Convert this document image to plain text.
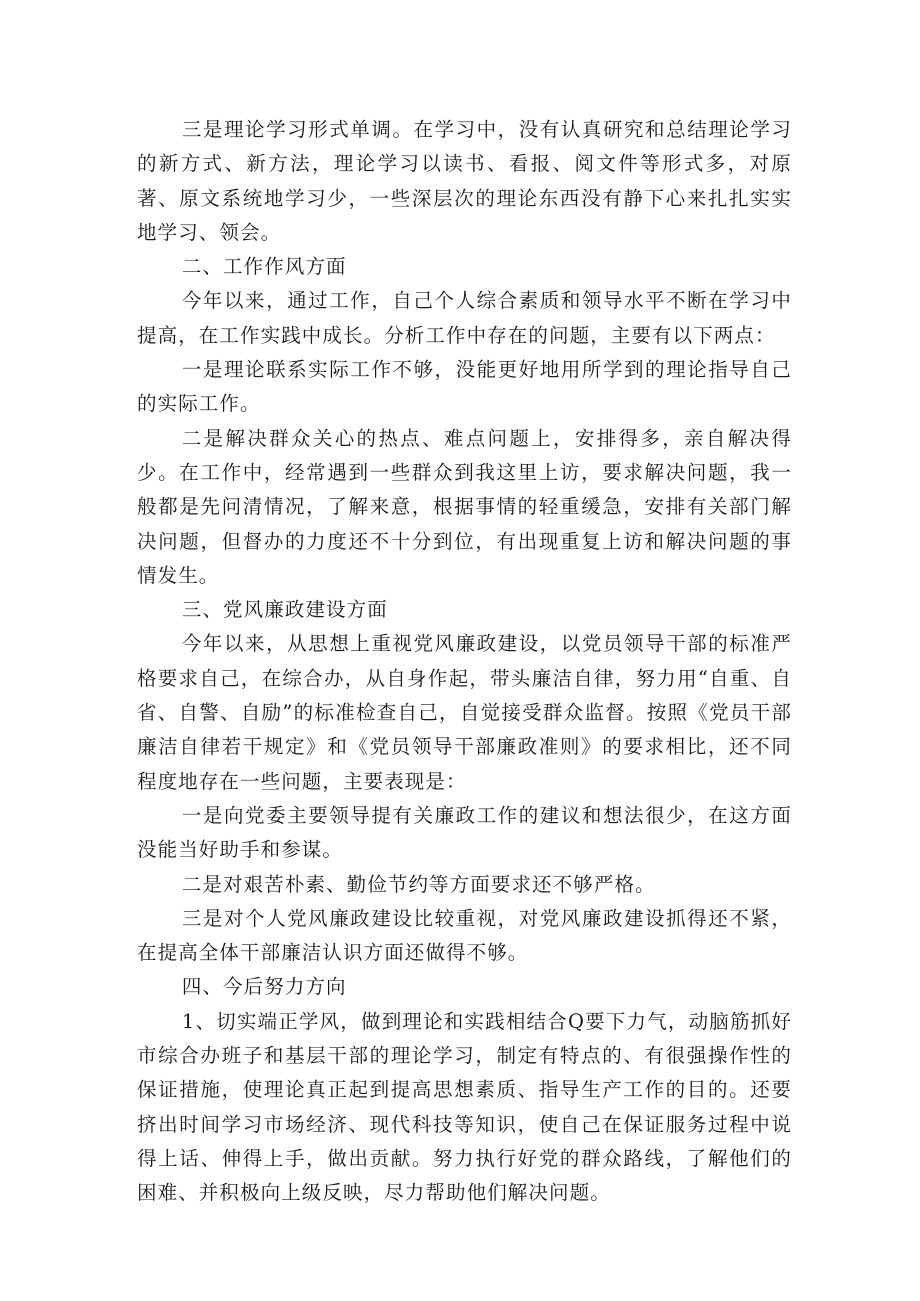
三是理论学习形式单调。在学习中，没有认真研究和总结理论学习的新方式、新方法，理论学习以读书、看报、阅文件等形式多，对原著、原文系统地学习少，一些深层次的理论东西没有静下心来扎扎实实地学习、领会。

二、工作作风方面

今年以来，通过工作，自己个人综合素质和领导水平不断在学习中提高，在工作实践中成长。分析工作中存在的问题，主要有以下两点：

一是理论联系实际工作不够，没能更好地用所学到的理论指导自己的实际工作。

二是解决群众关心的热点、难点问题上，安排得多，亲自解决得少。在工作中，经常遇到一些群众到我这里上访，要求解决问题，我一般都是先问清情况，了解来意，根据事情的轻重缓急，安排有关部门解决问题，但督办的力度还不十分到位，有出现重复上访和解决问题的事情发生。

三、党风廉政建设方面

今年以来，从思想上重视党风廉政建设，以党员领导干部的标准严格要求自己，在综合办，从自身作起，带头廉洁自律，努力用“自重、自省、自警、自励”的标准检查自己，自觉接受群众监督。按照《党员干部廉洁自律若干规定》和《党员领导干部廉政准则》的要求相比，还不同程度地存在一些问题，主要表现是：

一是向党委主要领导提有关廉政工作的建议和想法很少，在这方面没能当好助手和参谋。

二是对艰苦朴素、勤俭节约等方面要求还不够严格。

三是对个人党风廉政建设比较重视，对党风廉政建设抓得还不紧，在提高全体干部廉洁认识方面还做得不够。

四、今后努力方向

1、切实端正学风，做到理论和实践相结合Q要下力气，动脑筋抓好市综合办班子和基层干部的理论学习，制定有特点的、有很强操作性的保证措施，使理论真正起到提高思想素质、指导生产工作的目的。还要挤出时间学习市场经济、现代科技等知识，使自己在保证服务过程中说得上话、伸得上手，做出贡献。努力执行好党的群众路线，了解他们的困难、并积极向上级反映，尽力帮助他们解决问题。
